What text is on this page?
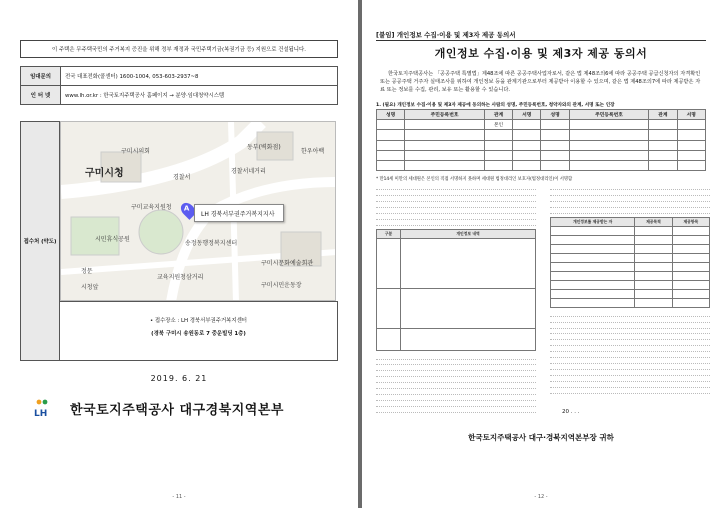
이 주택은 무주택국민의 주거복지 증진을 위해 정부 재정과 국민주택기금(복권기금 등) 지원으로 건설됩니다.
임대문의	전국 대표전화(콜센터) 1600-1004, 053-603-2937~8
인 터 넷	www.lh.or.kr : 한국토지주택공사 홈페이지 → 분양·임대청약시스템
접수처 (약도)
구미시의회
구미시청
구미교육지원청
시민휴식공원
정문
시청앞
경찰서
경찰서네거리
송정동행정복지센터
구미시문화예술회관
구미시민운동장
교육지원청삼거리
동부(벽화점)
한우아백
A
LH 경북서부권주거복지지사
• 접수장소 : LH 경북서부권주거복지센터
(경북 구미시 송원동로 7 중운빌딩 1층)
2019. 6. 21
LH 한국토지주택공사 대구경북지역본부
- 11 -
[붙임] 개인정보 수집·이용 및 제3자 제공 동의서
개인정보 수집·이용 및 제3자 제공 동의서
한국토지주택공사는 「공공주택 특별법」제48조에 따른 공공주택사업자로서, 같은 법 제48조의6에 따라 공공주택 공급신청자의 자격확인 또는 공공주택 거주자 실태조사를 위하여 개인정보 등을 관계기관으로부터 제공받아 이용할 수 있으며, 같은 법 제48조의7에 따라 제공받은 자료 또는 정보를 수집, 관리, 보유 또는 활용할 수 있습니다.
1. (필요) 개인정보 수집·이용 및 제3자 제공에 동의하는 사람의 성명, 주민등록번호, 청약자와의 관계, 서명 또는 인장
성명	주민등록번호	관계	서명	성명	주민등록번호	관계	서명
		본인					

* 만14세 미만의 세대원은 본인의 직접 서명하지 못하며 세대원 법정대리인 보호자(법정대리인)이 서명함
구분	개인정보 내역

개인정보를 제공받는 자	제공목적	제공항목

20 . . .
한국토지주택공사 대구·경북지역본부장 귀하
- 12 -
